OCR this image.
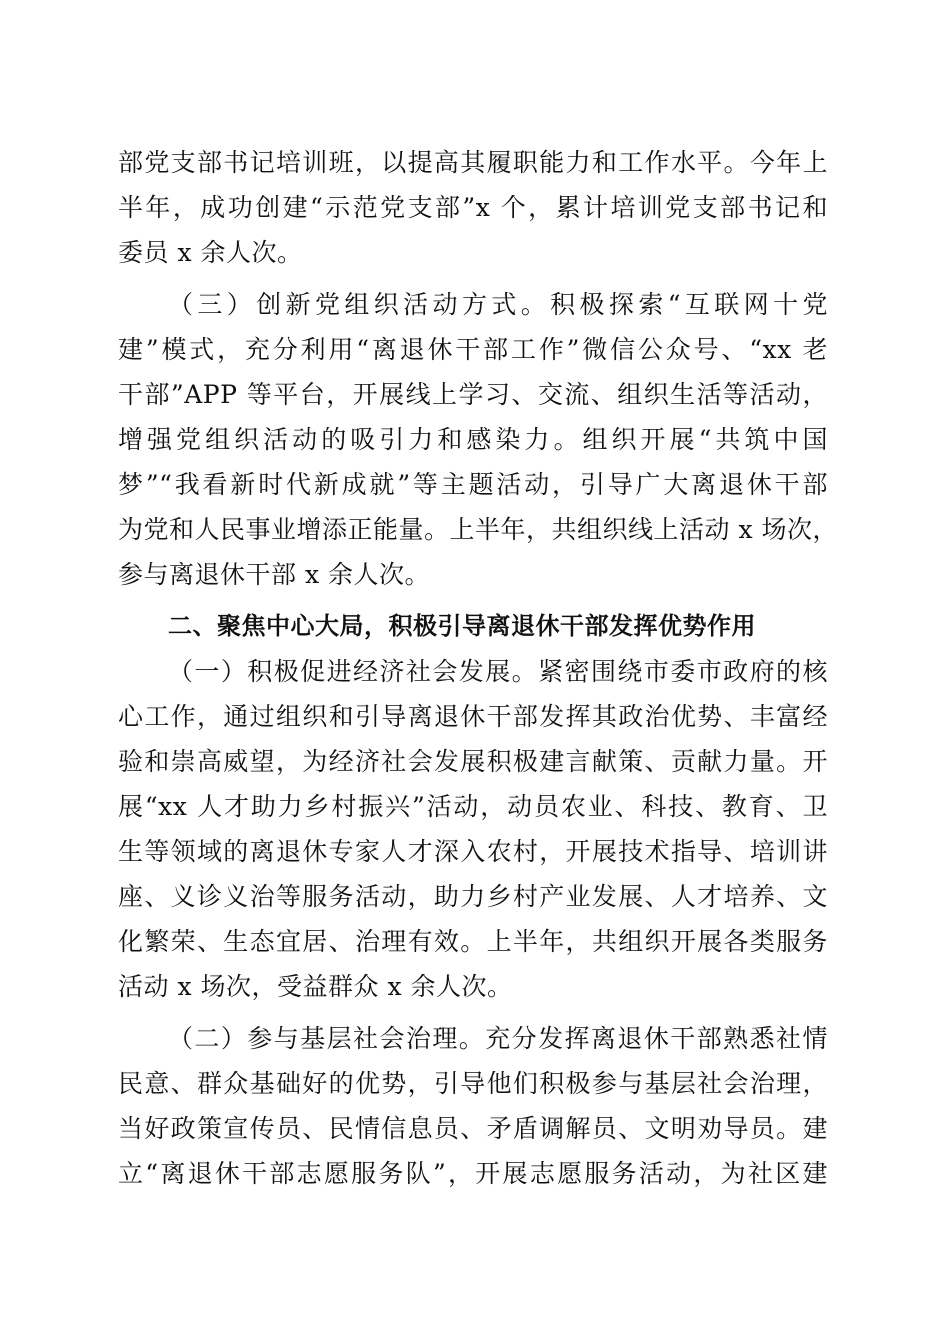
部党支部书记培训班，以提高其履职能力和工作水平。今年上
半年，成功创建“示范党支部”x 个，累计培训党支部书记和
委员 x 余人次。
（三）创新党组织活动方式。积极探索“互联网十党
建”模式，充分利用“离退休干部工作”微信公众号、“xx 老
干部”APP 等平台，开展线上学习、交流、组织生活等活动，
增强党组织活动的吸引力和感染力。组织开展“共筑中国
梦”“我看新时代新成就”等主题活动，引导广大离退休干部
为党和人民事业增添正能量。上半年，共组织线上活动 x 场次，
参与离退休干部 x 余人次。
二、聚焦中心大局，积极引导离退休干部发挥优势作用
（一）积极促进经济社会发展。紧密围绕市委市政府的核
心工作，通过组织和引导离退休干部发挥其政治优势、丰富经
验和崇高威望，为经济社会发展积极建言献策、贡献力量。开
展“xx 人才助力乡村振兴”活动，动员农业、科技、教育、卫
生等领域的离退休专家人才深入农村，开展技术指导、培训讲
座、义诊义治等服务活动，助力乡村产业发展、人才培养、文
化繁荣、生态宜居、治理有效。上半年，共组织开展各类服务
活动 x 场次，受益群众 x 余人次。
（二）参与基层社会治理。充分发挥离退休干部熟悉社情
民意、群众基础好的优势，引导他们积极参与基层社会治理，
当好政策宣传员、民情信息员、矛盾调解员、文明劝导员。建
立“离退休干部志愿服务队”，开展志愿服务活动，为社区建
